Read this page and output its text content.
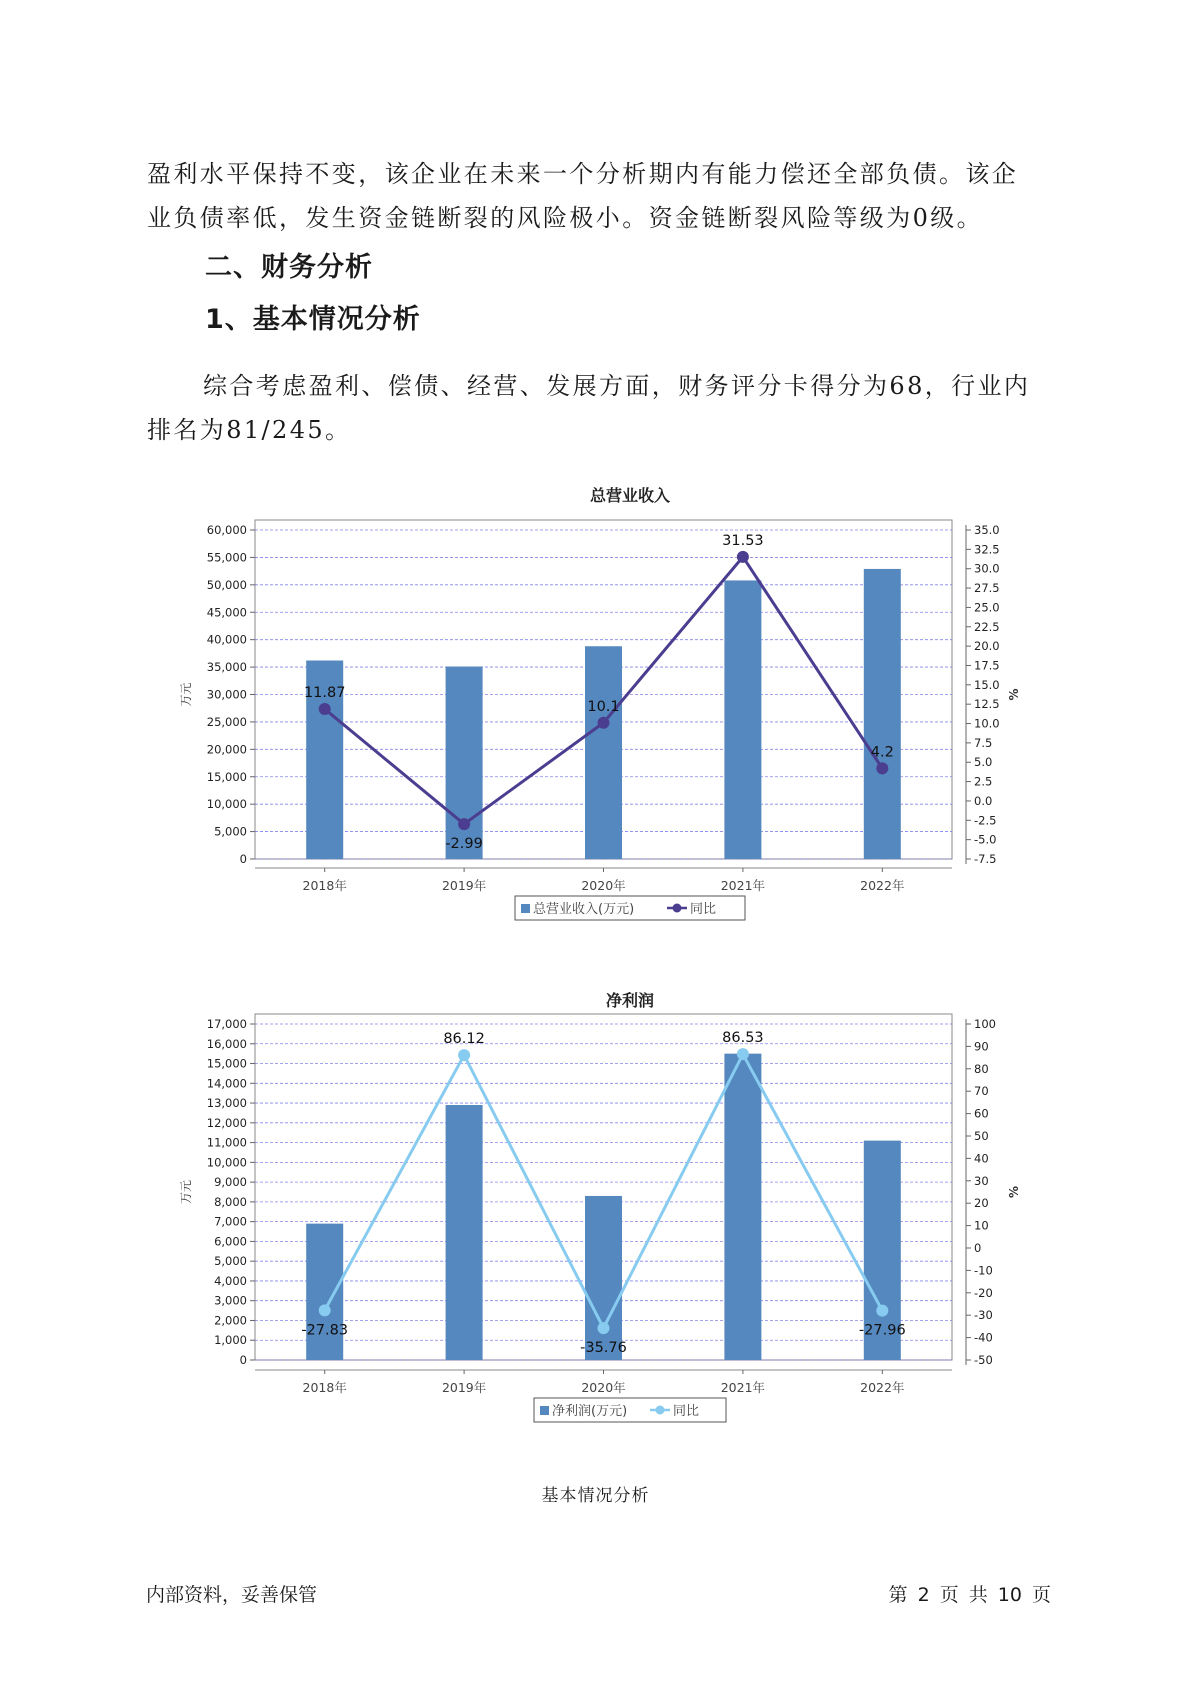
盈利水平保持不变，该企业在未来一个分析期内有能力偿还全部负债。该企业负债率低，发生资金链断裂的风险极小。资金链断裂风险等级为0级。

二、财务分析
1、基本情况分析

综合考虑盈利、偿债、经营、发展方面，财务评分卡得分为68，行业内排名为81/245。

总营业收入
0
5,000
10,000
15,000
20,000
25,000
30,000
35,000
40,000
45,000
50,000
55,000
60,000
-7.5
-5.0
-2.5
0.0
2.5
5.0
7.5
10.0
12.5
15.0
17.5
20.0
22.5
25.0
27.5
30.0
32.5
35.0
万元	%
2018年	2019年	2020年	2021年	2022年
11.87
-2.99
10.1
31.53
4.2
总营业收入(万元)	同比
净利润
0
1,000
2,000
3,000
4,000
5,000
6,000
7,000
8,000
9,000
10,000
11,000
12,000
13,000
14,000
15,000
16,000
17,000
-50
-40
-30
-20
-10
0
10
20
30
40
50
60
70
80
90
100
万元	%
2018年	2019年	2020年	2021年	2022年
-27.83
86.12
-35.76
86.53
-27.96
净利润(万元)	同比
基本情况分析
内部资料，妥善保管	第 2 页 共 10 页
